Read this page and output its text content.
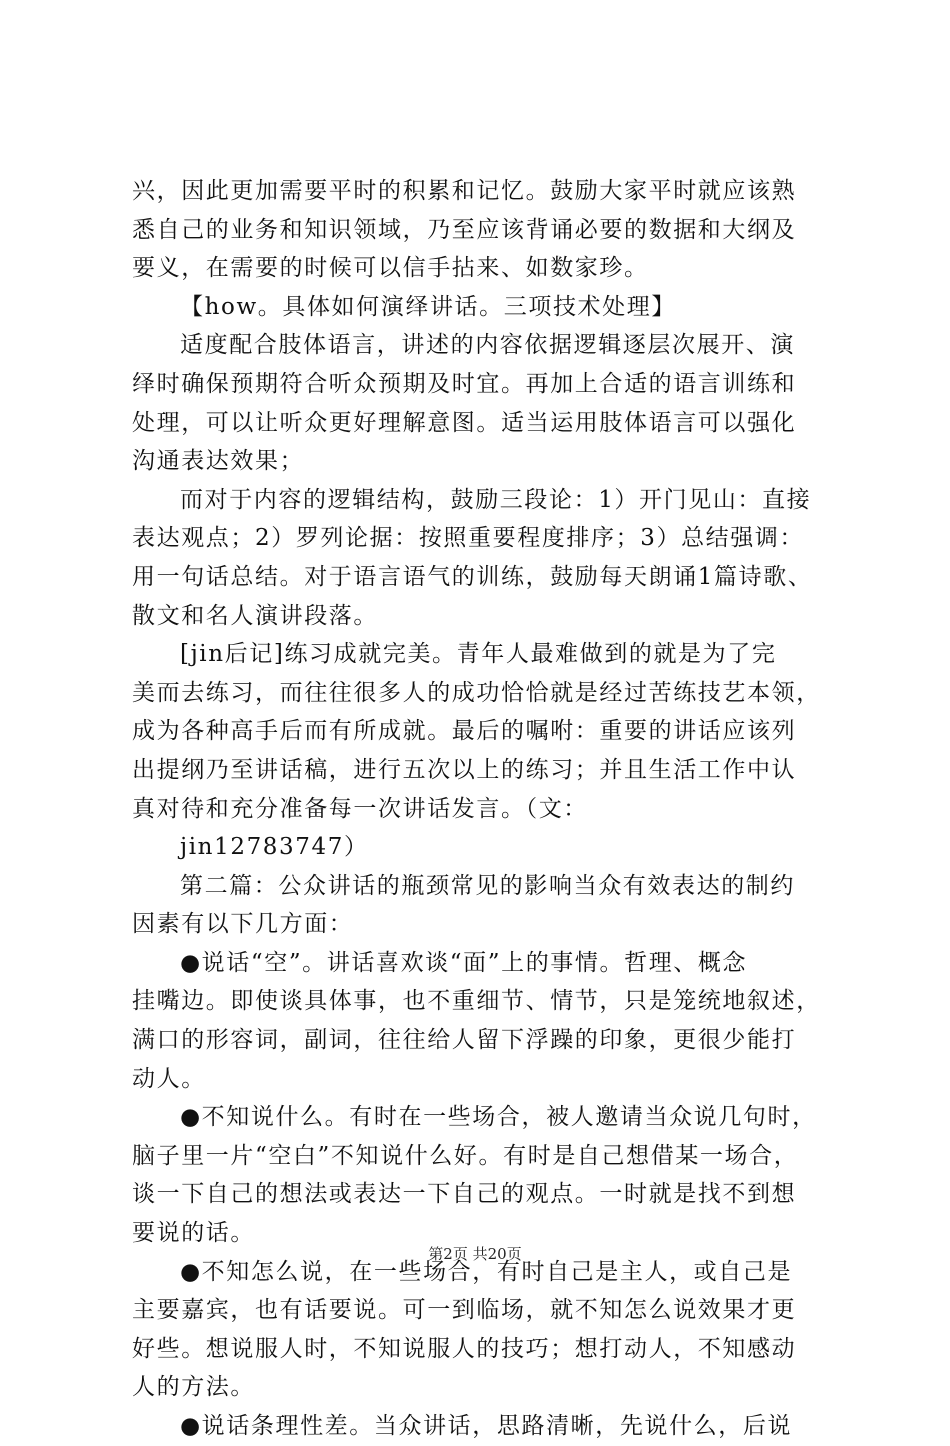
兴，因此更加需要平时的积累和记忆。鼓励大家平时就应该熟
悉自己的业务和知识领域，乃至应该背诵必要的数据和大纲及
要义，在需要的时候可以信手拈来、如数家珍。
【how。具体如何演绎讲话。三项技术处理】
适度配合肢体语言，讲述的内容依据逻辑逐层次展开、演
绎时确保预期符合听众预期及时宜。再加上合适的语言训练和
处理，可以让听众更好理解意图。适当运用肢体语言可以强化
沟通表达效果；
而对于内容的逻辑结构，鼓励三段论：1）开门见山：直接
表达观点；2）罗列论据：按照重要程度排序；3）总结强调：
用一句话总结。对于语言语气的训练，鼓励每天朗诵1篇诗歌、
散文和名人演讲段落。
[jin后记]练习成就完美。青年人最难做到的就是为了完
美而去练习，而往往很多人的成功恰恰就是经过苦练技艺本领，
成为各种高手后而有所成就。最后的嘱咐：重要的讲话应该列
出提纲乃至讲话稿，进行五次以上的练习；并且生活工作中认
真对待和充分准备每一次讲话发言。（文：
jin12783747）
第二篇：公众讲话的瓶颈常见的影响当众有效表达的制约
因素有以下几方面：
●说话“空”。讲话喜欢谈“面”上的事情。哲理、概念
挂嘴边。即使谈具体事，也不重细节、情节，只是笼统地叙述，
满口的形容词，副词，往往给人留下浮躁的印象，更很少能打
动人。
●不知说什么。有时在一些场合，被人邀请当众说几句时，
脑子里一片“空白”不知说什么好。有时是自己想借某一场合，
谈一下自己的想法或表达一下自己的观点。一时就是找不到想
要说的话。
●不知怎么说，在一些场合，有时自己是主人，或自己是
主要嘉宾，也有话要说。可一到临场，就不知怎么说效果才更
好些。想说服人时，不知说服人的技巧；想打动人，不知感动
人的方法。
●说话条理性差。当众讲话，思路清晰，先说什么，后说
第2页 共20页
